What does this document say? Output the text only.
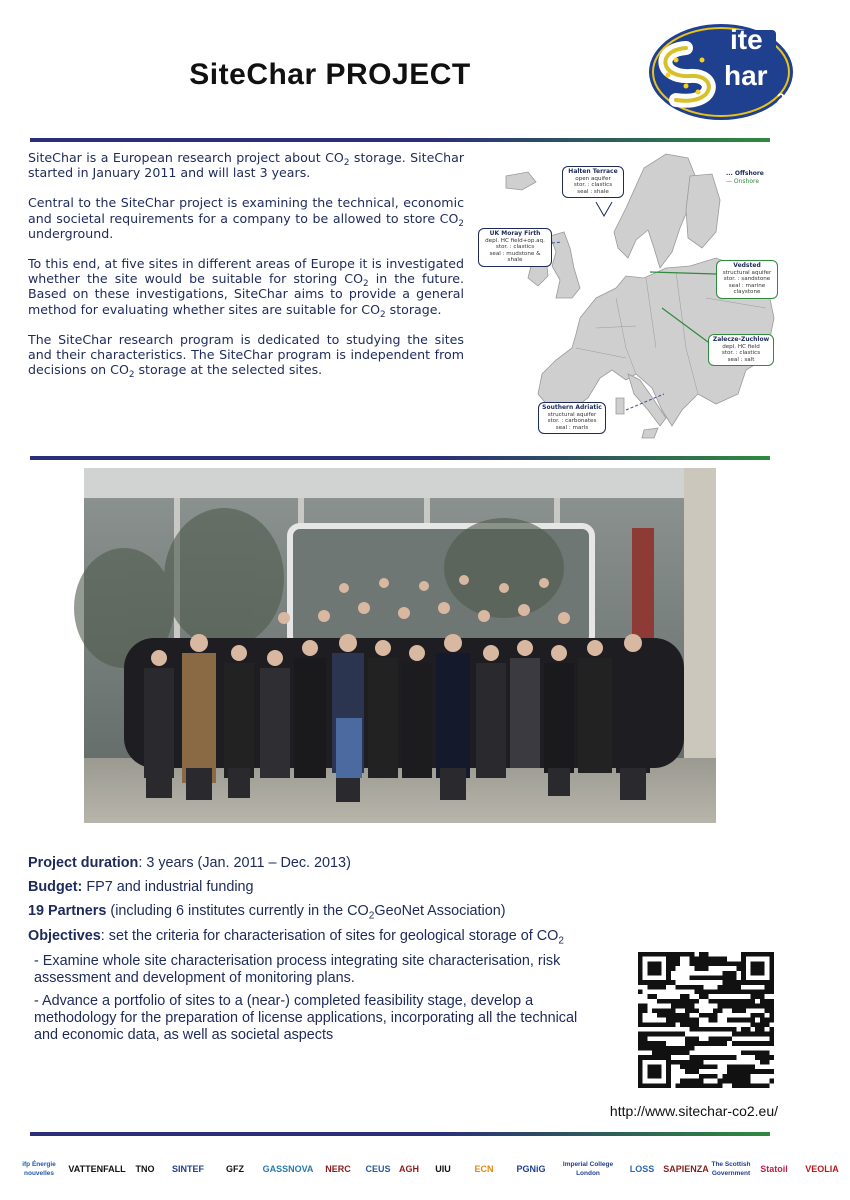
SiteChar PROJECT
ite
har
2

SiteChar is a European research project about $CO_2$ storage. SiteChar started in January 2011 and will last 3 years.

Central to the SiteChar project is examining the technical, economic and societal requirements for a company to be allowed to store $CO_2$ underground.

To this end, at five sites in different areas of Europe it is investigated whether the site would be suitable for storing $CO_2$ in the future. Based on these investigations, SiteChar aims to provide a general method for evaluating whether sites are suitable for $CO_2$ storage.

The SiteChar research program is dedicated to studying the sites and their characteristics. The SiteChar program is independent from decisions on $CO_2$ storage at the selected sites.

Halten Terrace
open aquifer
stor. : clastics
seal : shale
UK Moray Firth
depl. HC field+op.aq.
stor. : clastics
seal : mudstone & shale
Vedsted
structural aquifer
stor. : sandstone
seal : marine claystone
Zalecze-Zuchlow
depl. HC field
stor. : clastics
seal : salt
Southern Adriatic
structural aquifer
stor. : carbonates
seal : marls
... Offshore
— Onshore
Project duration: 3 years (Jan. 2011 – Dec. 2013)
Budget: FP7 and industrial funding
19 Partners (including 6 institutes currently in the $CO_2GeoNet$ Association)
Objectives: set the criteria for characterisation of sites for geological storage of $CO_2$
- Examine whole site characterisation process integrating site characterisation, risk assessment and development of monitoring plans.
- Advance a portfolio of sites to a (near-) completed feasibility stage, develop a methodology for the preparation of license applications, incorporating all the technical and economic data, as well as societal aspects
http://www.sitechar-co2.eu/
ifp Énergie nouvelles	VATTENFALL	TNO	SINTEF	GFZ	GASSNOVA	NERC	CEUS AGH	UIU	ECN	PGNiG	Imperial College London	LOSS	SAPIENZA The Scottish Government	Statoil	VEOLIA
